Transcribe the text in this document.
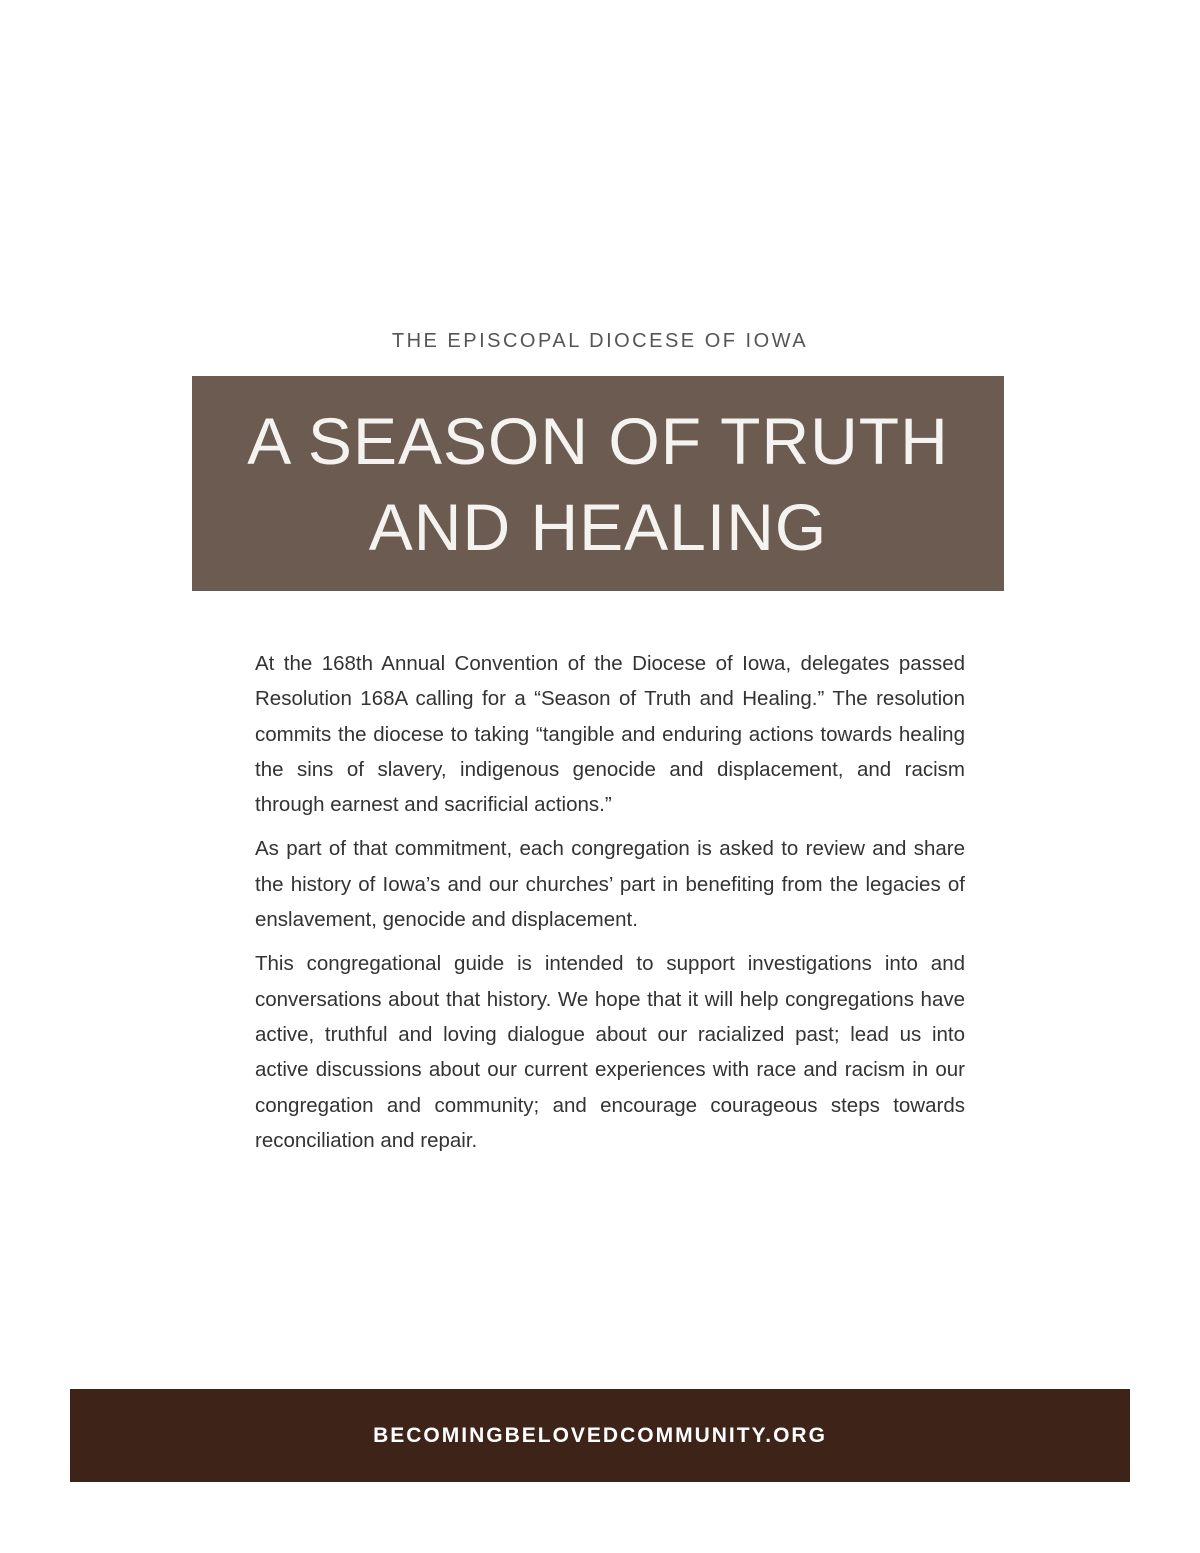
THE EPISCOPAL DIOCESE OF IOWA
A SEASON OF TRUTH
AND HEALING

At the 168th Annual Convention of the Diocese of Iowa, delegates passed Resolution 168A calling for a “Season of Truth and Healing.” The resolution commits the diocese to taking “tangible and enduring actions towards healing the sins of slavery, indigenous genocide and displacement, and racism through earnest and sacrificial actions.”

As part of that commitment, each congregation is asked to review and share the history of Iowa’s and our churches’ part in benefiting from the legacies of enslavement, genocide and displacement.

This congregational guide is intended to support investigations into and conversations about that history. We hope that it will help congregations have active, truthful and loving dialogue about our racialized past; lead us into active discussions about our current experiences with race and racism in our congregation and community; and encourage courageous steps towards reconciliation and repair.

BECOMINGBELOVEDCOMMUNITY.ORG
